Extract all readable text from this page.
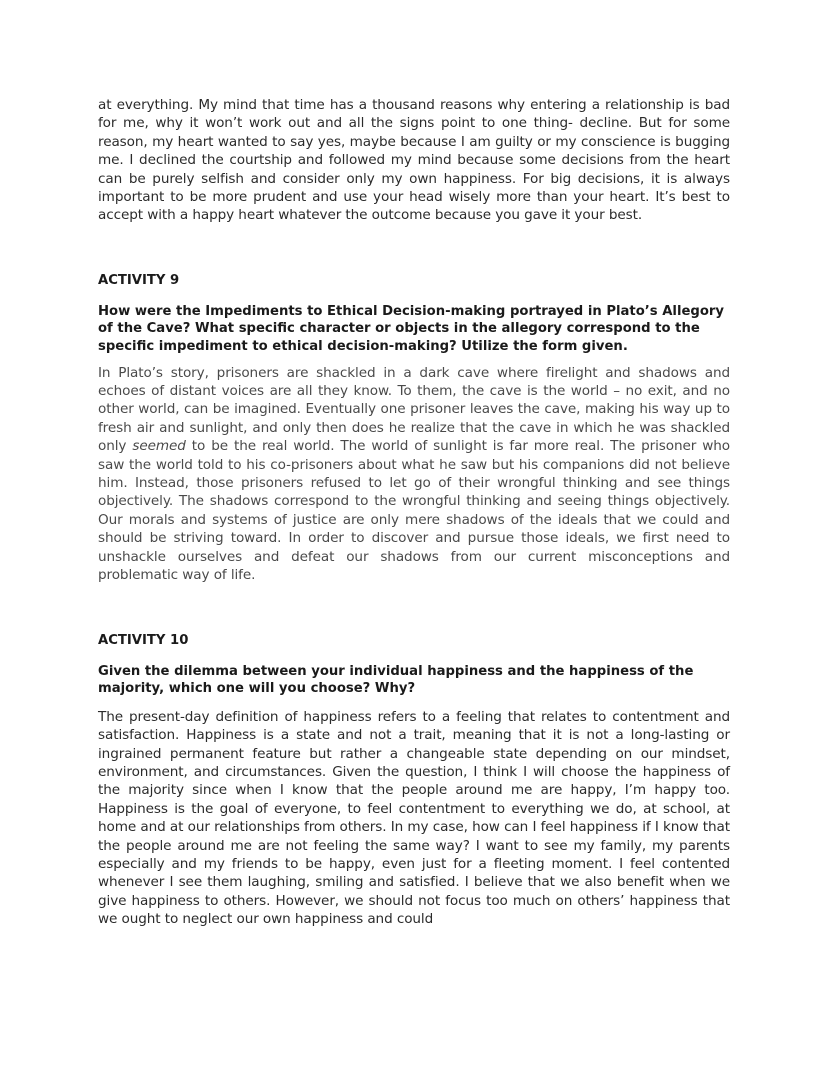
at everything. My mind that time has a thousand reasons why entering a relationship is bad for me, why it won’t work out and all the signs point to one thing- decline. But for some reason, my heart wanted to say yes, maybe because I am guilty or my conscience is bugging me. I declined the courtship and followed my mind because some decisions from the heart can be purely selfish and consider only my own happiness. For big decisions, it is always important to be more prudent and use your head wisely more than your heart. It’s best to accept with a happy heart whatever the outcome because you gave it your best.

ACTIVITY 9

How were the Impediments to Ethical Decision-making portrayed in Plato’s Allegory of the Cave? What specific character or objects in the allegory correspond to the specific impediment to ethical decision-making? Utilize the form given.

In Plato’s story, prisoners are shackled in a dark cave where firelight and shadows and echoes of distant voices are all they know. To them, the cave is the world – no exit, and no other world, can be imagined. Eventually one prisoner leaves the cave, making his way up to fresh air and sunlight, and only then does he realize that the cave in which he was shackled only seemed to be the real world. The world of sunlight is far more real. The prisoner who saw the world told to his co-prisoners about what he saw but his companions did not believe him. Instead, those prisoners refused to let go of their wrongful thinking and see things objectively. The shadows correspond to the wrongful thinking and seeing things objectively. Our morals and systems of justice are only mere shadows of the ideals that we could and should be striving toward. In order to discover and pursue those ideals, we first need to unshackle ourselves and defeat our shadows from our current misconceptions and problematic way of life.

ACTIVITY 10

Given the dilemma between your individual happiness and the happiness of the majority, which one will you choose? Why?

The present-day definition of happiness refers to a feeling that relates to contentment and satisfaction. Happiness is a state and not a trait, meaning that it is not a long-lasting or ingrained permanent feature but rather a changeable state depending on our mindset, environment, and circumstances. Given the question, I think I will choose the happiness of the majority since when I know that the people around me are happy, I’m happy too. Happiness is the goal of everyone, to feel contentment to everything we do, at school, at home and at our relationships from others. In my case, how can I feel happiness if I know that the people around me are not feeling the same way? I want to see my family, my parents especially and my friends to be happy, even just for a fleeting moment. I feel contented whenever I see them laughing, smiling and satisfied. I believe that we also benefit when we give happiness to others. However, we should not focus too much on others’ happiness that we ought to neglect our own happiness and could
